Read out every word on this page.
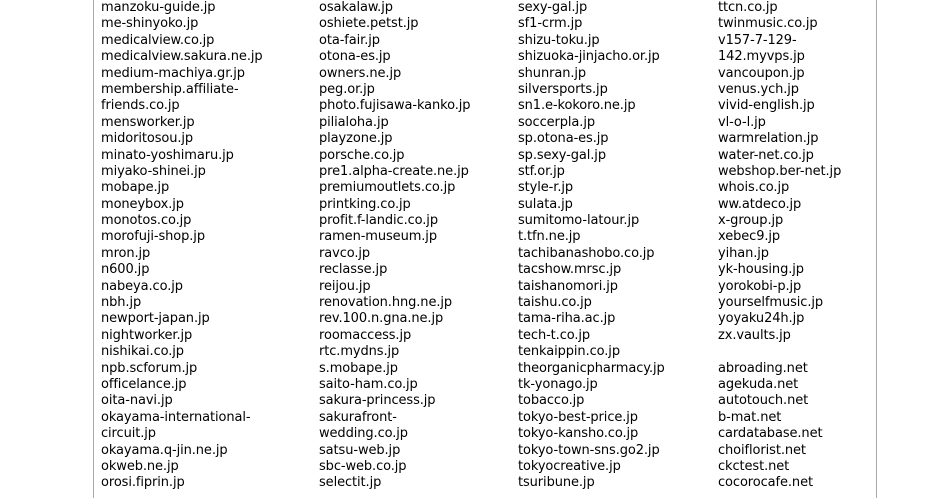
manzoku-guide.jp
me-shinyoko.jp
medicalview.co.jp
medicalview.sakura.ne.jp
medium-machiya.gr.jp
membership.affiliate-
friends.co.jp
mensworker.jp
midoritosou.jp
minato-yoshimaru.jp
miyako-shinei.jp
mobape.jp
moneybox.jp
monotos.co.jp
morofuji-shop.jp
mron.jp
n600.jp
nabeya.co.jp
nbh.jp
newport-japan.jp
nightworker.jp
nishikai.co.jp
npb.scforum.jp
officelance.jp
oita-navi.jp
okayama-international-
circuit.jp
okayama.q-jin.ne.jp
okweb.ne.jp
orosi.fiprin.jp
osakalaw.jp
oshiete.petst.jp
ota-fair.jp
otona-es.jp
owners.ne.jp
peg.or.jp
photo.fujisawa-kanko.jp
pilialoha.jp
playzone.jp
porsche.co.jp
pre1.alpha-create.ne.jp
premiumoutlets.co.jp
printking.co.jp
profit.f-landic.co.jp
ramen-museum.jp
ravco.jp
reclasse.jp
reijou.jp
renovation.hng.ne.jp
rev.100.n.gna.ne.jp
roomaccess.jp
rtc.mydns.jp
s.mobape.jp
saito-ham.co.jp
sakura-princess.jp
sakurafront-
wedding.co.jp
satsu-web.jp
sbc-web.co.jp
selectit.jp
sexy-gal.jp
sf1-crm.jp
shizu-toku.jp
shizuoka-jinjacho.or.jp
shunran.jp
silversports.jp
sn1.e-kokoro.ne.jp
soccerpla.jp
sp.otona-es.jp
sp.sexy-gal.jp
stf.or.jp
style-r.jp
sulata.jp
sumitomo-latour.jp
t.tfn.ne.jp
tachibanashobo.co.jp
tacshow.mrsc.jp
taishanomori.jp
taishu.co.jp
tama-riha.ac.jp
tech-t.co.jp
tenkaippin.co.jp
theorganicpharmacy.jp
tk-yonago.jp
tobacco.jp
tokyo-best-price.jp
tokyo-kansho.co.jp
tokyo-town-sns.go2.jp
tokyocreative.jp
tsuribune.jp
ttcn.co.jp
twinmusic.co.jp
v157-7-129-
142.myvps.jp
vancoupon.jp
venus.ych.jp
vivid-english.jp
vl-o-l.jp
warmrelation.jp
water-net.co.jp
webshop.ber-net.jp
whois.co.jp
ww.atdeco.jp
x-group.jp
xebec9.jp
yihan.jp
yk-housing.jp
yorokobi-p.jp
yourselfmusic.jp
yoyaku24h.jp
zx.vaults.jp

abroading.net
agekuda.net
autotouch.net
b-mat.net
cardatabase.net
choiflorist.net
ckctest.net
cocorocafe.net
